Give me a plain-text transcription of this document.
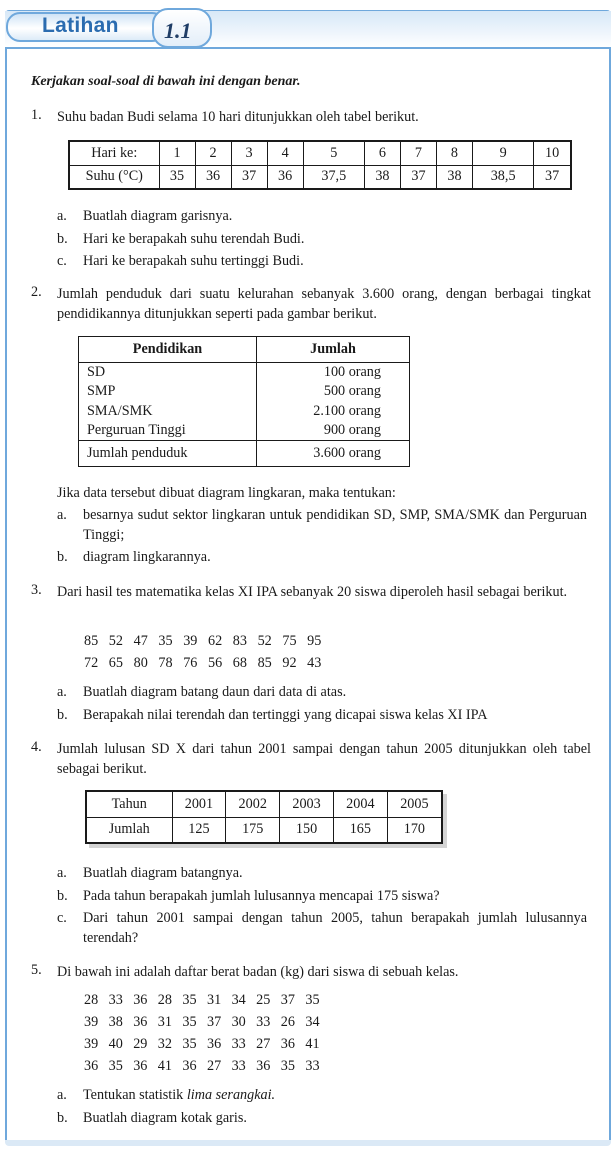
Latihan 1.1
Kerjakan soal-soal di bawah ini dengan benar.
1. Suhu badan Budi selama 10 hari ditunjukkan oleh tabel berikut.
Hari ke:	1	2	3	4	5	6	7	8	9	10
Suhu (°C)	35	36	37	36	37,5	38	37	38	38,5	37
a. Buatlah diagram garisnya.
b. Hari ke berapakah suhu terendah Budi.
c. Hari ke berapakah suhu tertinggi Budi.
2. Jumlah penduduk dari suatu kelurahan sebanyak 3.600 orang, dengan berbagai tingkat pendidikannya ditunjukkan seperti pada gambar berikut.
Pendidikan	Jumlah
SD	100 orang
SMP	500 orang
SMA/SMK	2.100 orang
Perguruan Tinggi	900 orang
Jumlah penduduk	3.600 orang
Jika data tersebut dibuat diagram lingkaran, maka tentukan:
a. besarnya sudut sektor lingkaran untuk pendidikan SD, SMP, SMA/SMK dan Perguruan Tinggi;
b. diagram lingkarannya.
3. Dari hasil tes matematika kelas XI IPA sebanyak 20 siswa diperoleh hasil sebagai berikut.
85 52 47 35 39 62 83 52 75 95
72 65 80 78 76 56 68 85 92 43
a. Buatlah diagram batang daun dari data di atas.
b. Berapakah nilai terendah dan tertinggi yang dicapai siswa kelas XI IPA
4. Jumlah lulusan SD X dari tahun 2001 sampai dengan tahun 2005 ditunjukkan oleh tabel sebagai berikut.
Tahun	2001	2002	2003	2004	2005
Jumlah	125	175	150	165	170
a. Buatlah diagram batangnya.
b. Pada tahun berapakah jumlah lulusannya mencapai 175 siswa?
c. Dari tahun 2001 sampai dengan tahun 2005, tahun berapakah jumlah lulusannya terendah?
5. Di bawah ini adalah daftar berat badan (kg) dari siswa di sebuah kelas.
28 33 36 28 35 31 34 25 37 35
39 38 36 31 35 37 30 33 26 34
39 40 29 32 35 36 33 27 36 41
36 35 36 41 36 27 33 36 35 33
a. Tentukan statistik lima serangkai.
b. Buatlah diagram kotak garis.
